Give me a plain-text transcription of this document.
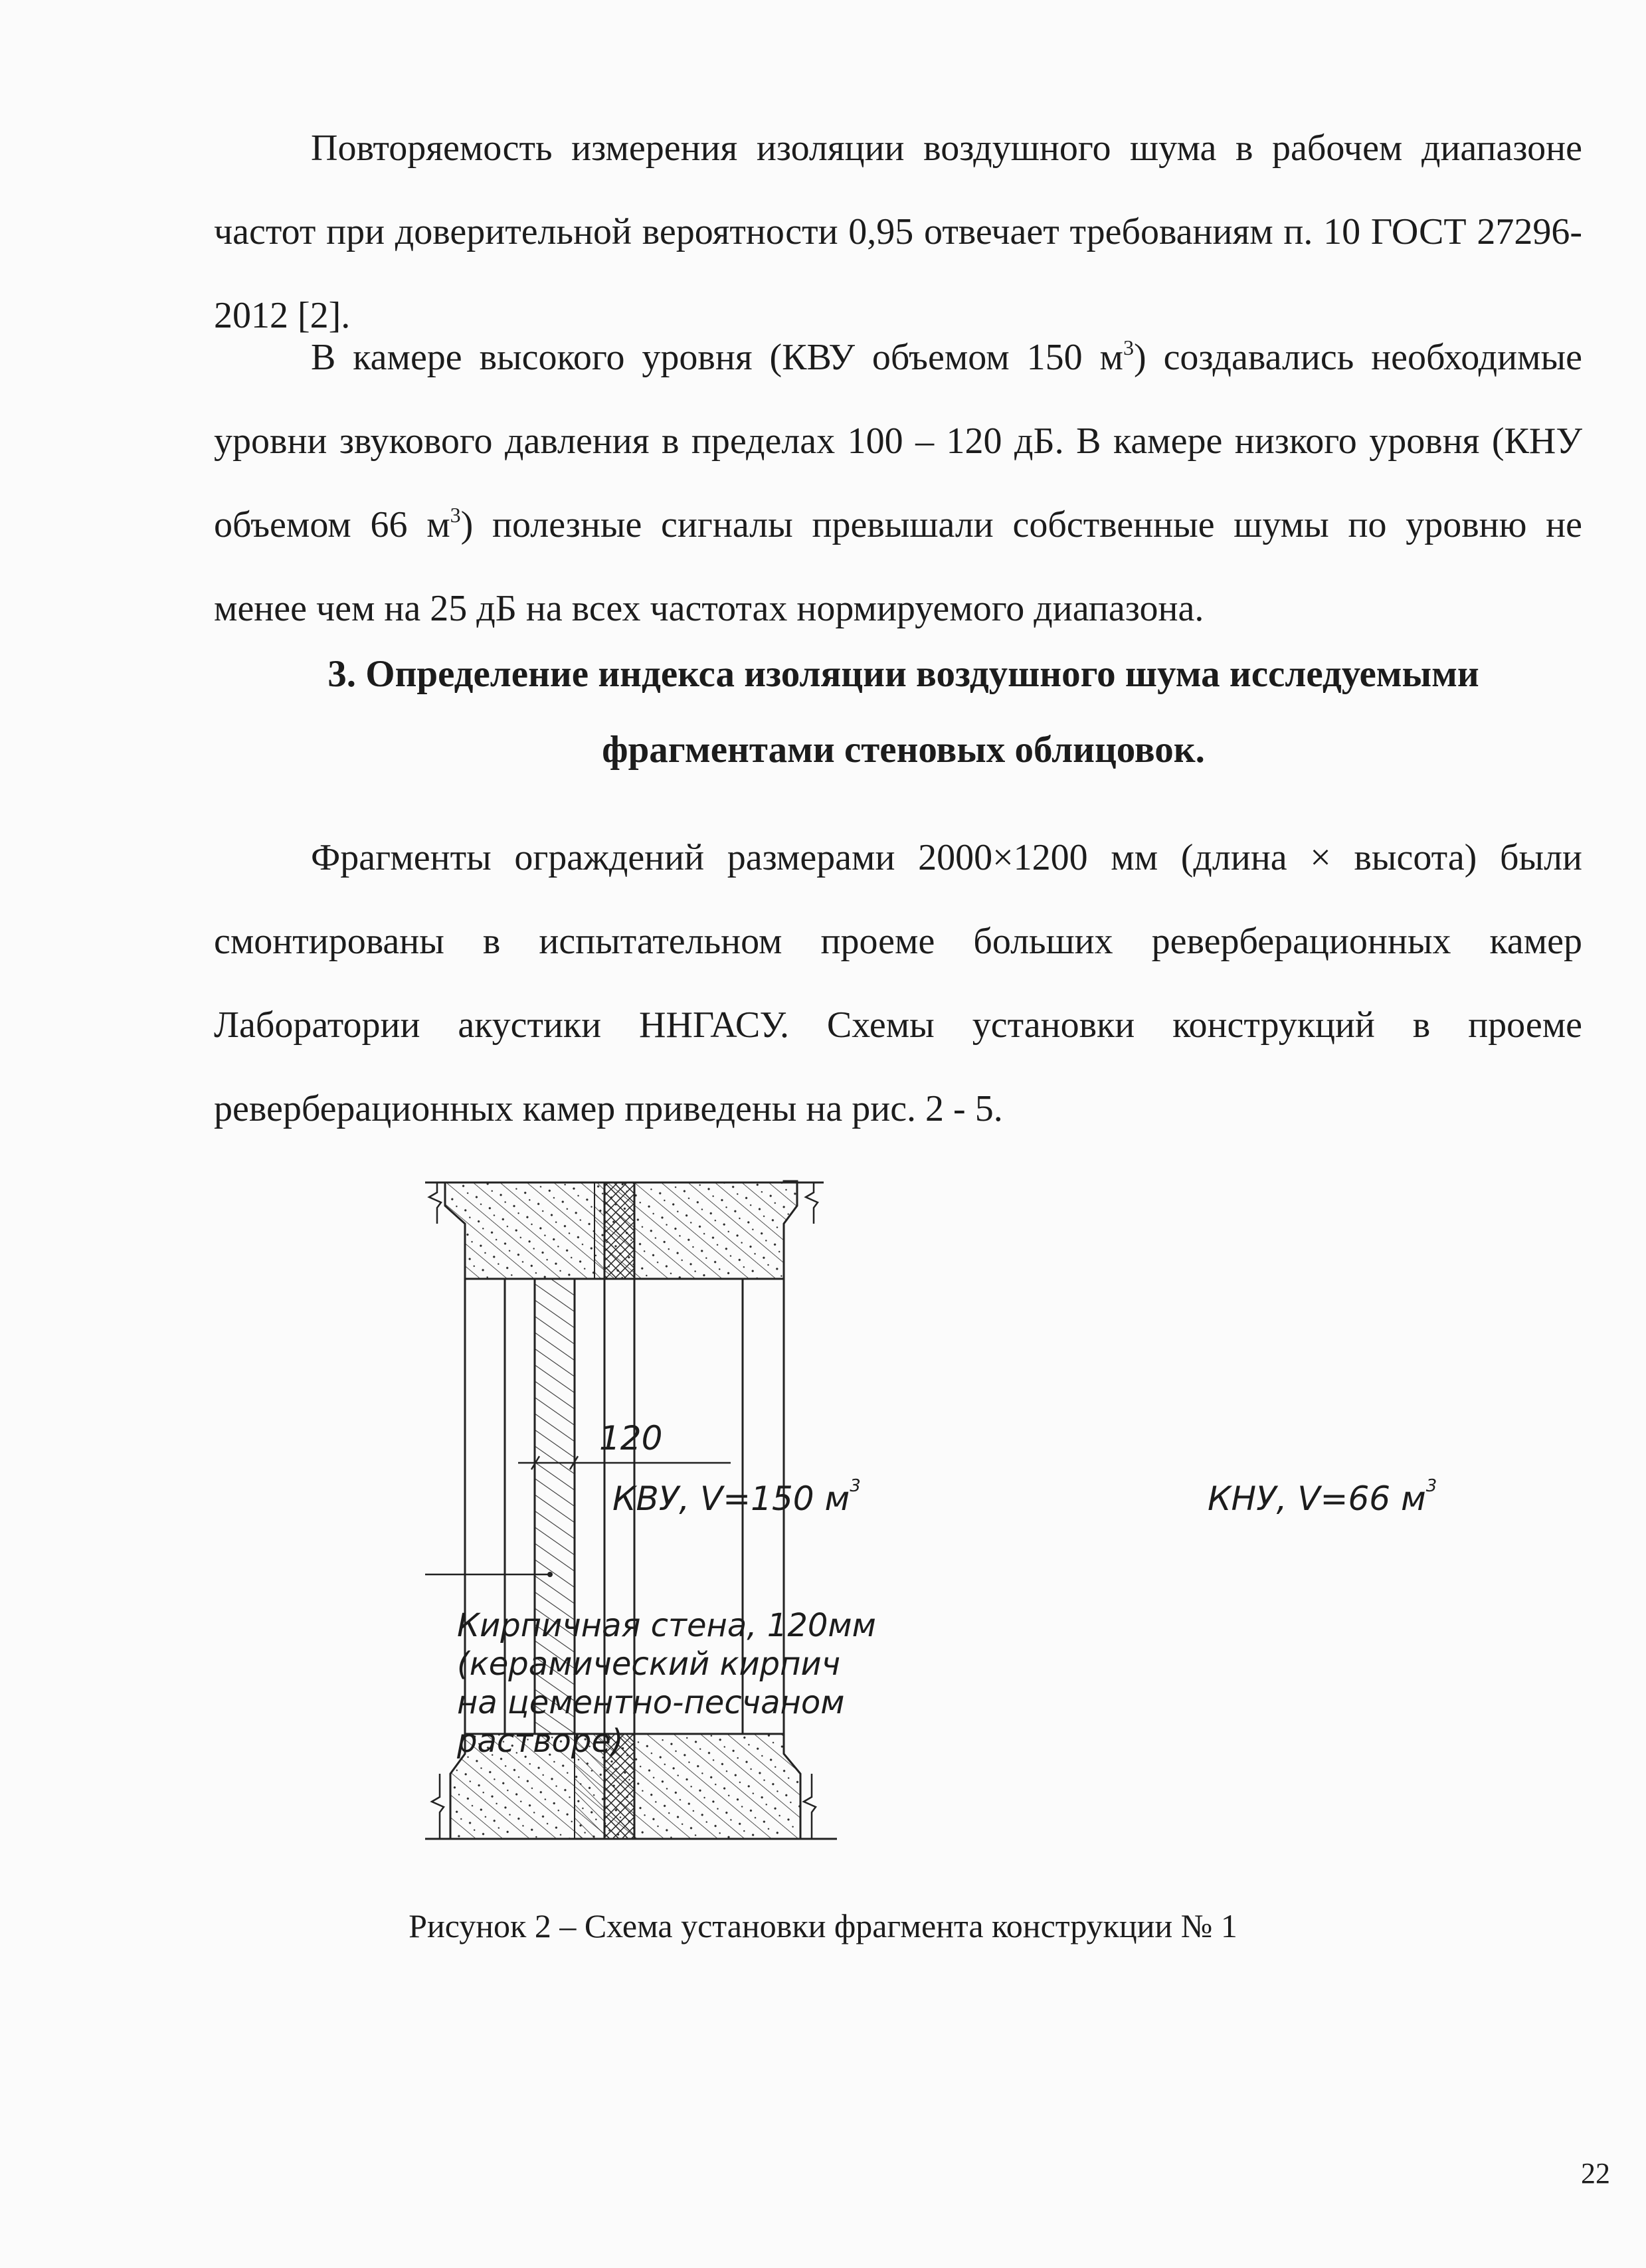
Повторяемость измерения изоляции воздушного шума в рабочем диапазоне частот при доверительной вероятности 0,95 отвечает требованиям п. 10 ГОСТ 27296-2012 [2].

В камере высокого уровня (КВУ объемом 150 $м^3$) создавались необходимые уровни звукового давления в пределах 100 – 120 дБ. В камере низкого уровня (КНУ объемом 66 $м^3$) полезные сигналы превышали собственные шумы по уровню не менее чем на 25 дБ на всех частотах нормируемого диапазона.

3. Определение индекса изоляции воздушного шума исследуемыми фрагментами стеновых облицовок.

Фрагменты ограждений размерами 2000×1200 мм (длина × высота) были смонтированы в испытательном проеме больших реверберационных камер Лаборатории акустики ННГАСУ. Схемы установки конструкций в проеме реверберационных камер приведены на рис. 2 - 5.

120
КВУ, V=150 $м^3$	КНУ, V=66 $м^3$
Кирпичная стена, 120мм
(керамический кирпич
на цементно-песчаном
растворе)
Рисунок 2 – Схема установки фрагмента конструкции № 1
22
